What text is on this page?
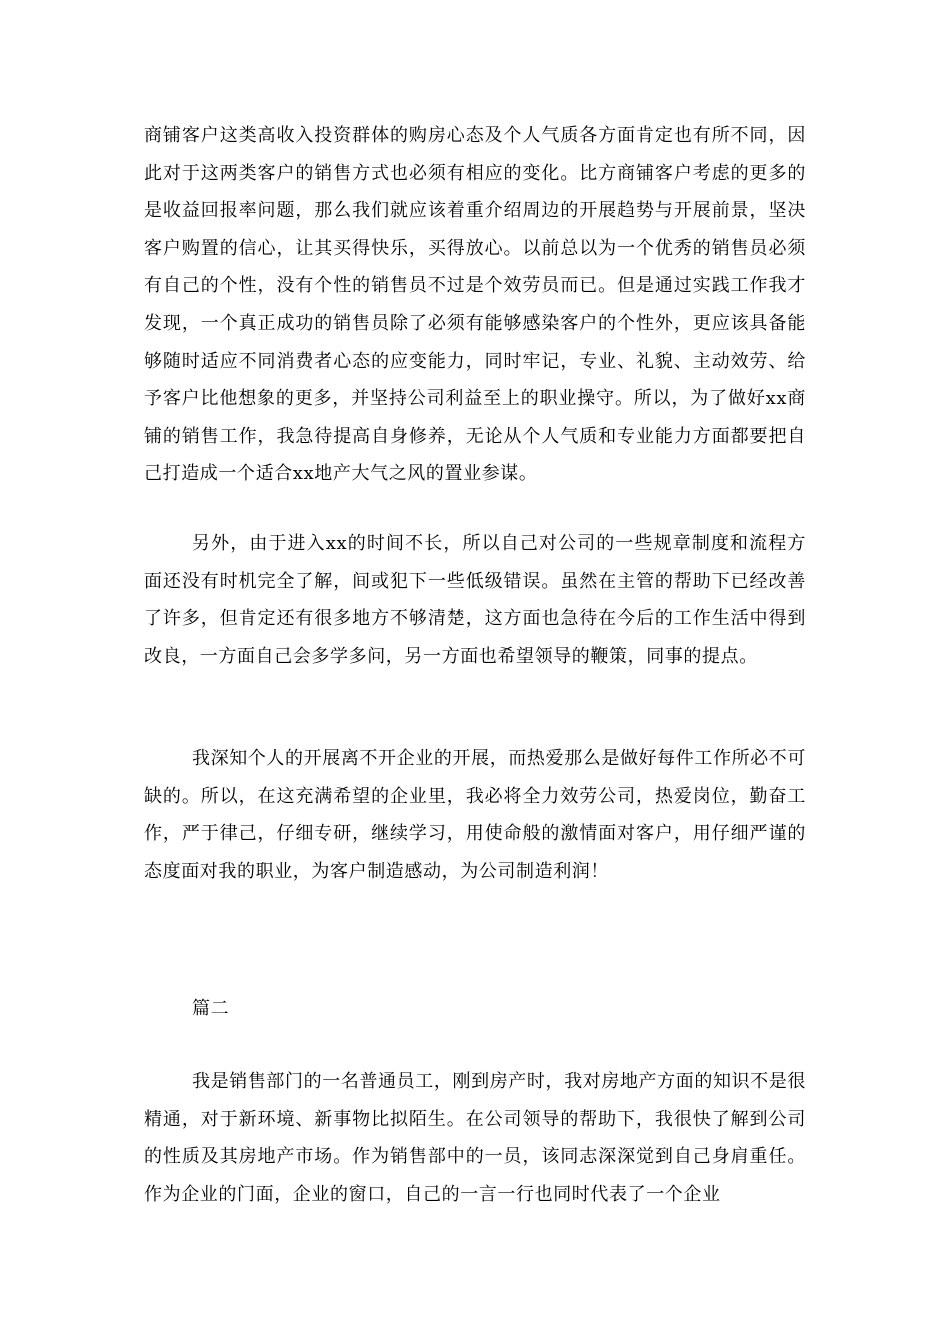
商铺客户这类高收入投资群体的购房心态及个人气质各方面肯定也有所不同，因此对于这两类客户的销售方式也必须有相应的变化。比方商铺客户考虑的更多的是收益回报率问题，那么我们就应该着重介绍周边的开展趋势与开展前景，坚决客户购置的信心，让其买得快乐，买得放心。以前总以为一个优秀的销售员必须有自己的个性，没有个性的销售员不过是个效劳员而已。但是通过实践工作我才发现，一个真正成功的销售员除了必须有能够感染客户的个性外，更应该具备能够随时适应不同消费者心态的应变能力，同时牢记，专业、礼貌、主动效劳、给予客户比他想象的更多，并坚持公司利益至上的职业操守。所以，为了做好xx商铺的销售工作，我急待提高自身修养，无论从个人气质和专业能力方面都要把自己打造成一个适合xx地产大气之风的置业参谋。

另外，由于进入xx的时间不长，所以自己对公司的一些规章制度和流程方面还没有时机完全了解，间或犯下一些低级错误。虽然在主管的帮助下已经改善了许多，但肯定还有很多地方不够清楚，这方面也急待在今后的工作生活中得到改良，一方面自己会多学多问，另一方面也希望领导的鞭策，同事的提点。

我深知个人的开展离不开企业的开展，而热爱那么是做好每件工作所必不可缺的。所以，在这充满希望的企业里，我必将全力效劳公司，热爱岗位，勤奋工作，严于律己，仔细专研，继续学习，用使命般的激情面对客户，用仔细严谨的态度面对我的职业，为客户制造感动，为公司制造利润！

篇二

我是销售部门的一名普通员工，刚到房产时，我对房地产方面的知识不是很精通，对于新环境、新事物比拟陌生。在公司领导的帮助下，我很快了解到公司的性质及其房地产市场。作为销售部中的一员，该同志深深觉到自己身肩重任。作为企业的门面，企业的窗口，自己的一言一行也同时代表了一个企业
